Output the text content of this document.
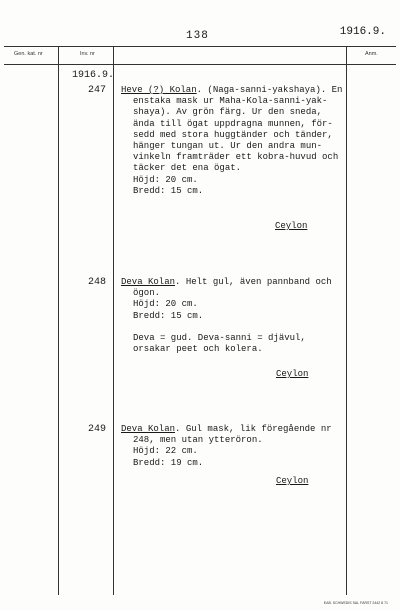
138	1916.9.
Gen. kat. nr	Inv. nr	Anm.
1916.9.
247 Heve (?) Kolan. (Naga-sanni-yakshaya). En
enstaka mask ur Maha-Kola-sanni-yak-
shaya). Av grön färg. Ur den sneda,
ända till ögat uppdragna munnen, för-
sedd med stora huggtänder och tänder,
hänger tungan ut. Ur den andra mun-
vinkeln framträder ett kobra-huvud och
täcker det ena ögat.
Höjd: 20 cm.
Bredd: 15 cm.
Ceylon
248 Deva Kolan. Helt gul, även pannband och
ögon.
Höjd: 20 cm.
Bredd: 15 cm.

Deva = gud. Deva-sanni = djävul,
orsakar peet och kolera.
Ceylon
249 Deva Kolan. Gul mask, lik föregående nr
248, men utan ytteröron.
Höjd: 22 cm.
Bredd: 19 cm.
Ceylon
EAB. SCHWEDIS SAL FÄRST 2442 8 71
